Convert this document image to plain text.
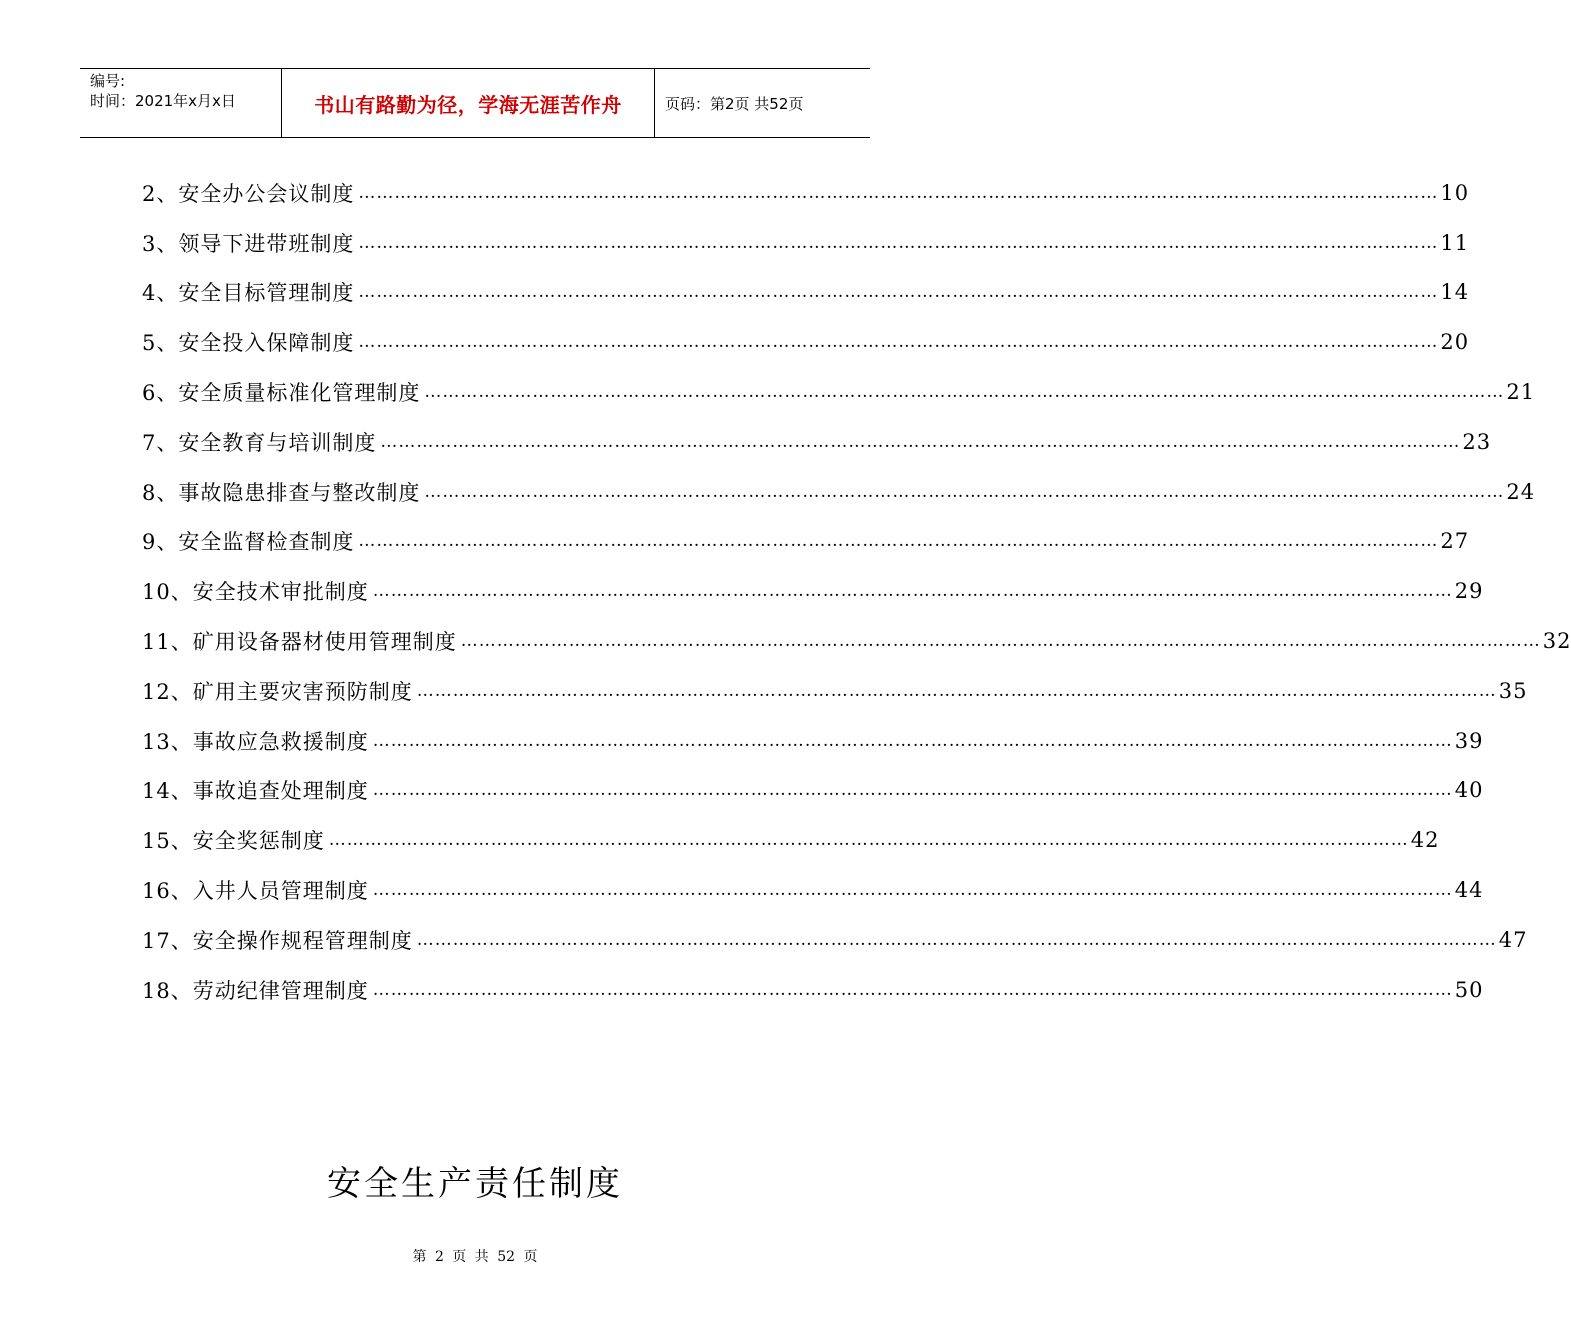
编号:
时间：2021年x月x日	书山有路勤为径，学海无涯苦作舟	页码：第2页 共52页
2、 安全办公会议制度 ……………………………………………………………………………………………………………………………………………………………… 10
3、 领导下进带班制度 ……………………………………………………………………………………………………………………………………………………………… 11
4、 安全目标管理制度 ……………………………………………………………………………………………………………………………………………………………… 14
5、 安全投入保障制度 ……………………………………………………………………………………………………………………………………………………………… 20
6、 安全质量标准化管理制度 ……………………………………………………………………………………………………………………………………………………………… 21
7、 安全教育与培训制度 ……………………………………………………………………………………………………………………………………………………………… 23
8、 事故隐患排查与整改制度 ……………………………………………………………………………………………………………………………………………………………… 24
9、 安全监督检查制度 ……………………………………………………………………………………………………………………………………………………………… 27
10、 安全技术审批制度 ……………………………………………………………………………………………………………………………………………………………… 29
11、 矿用设备器材使用管理制度 ……………………………………………………………………………………………………………………………………………………………… 32
12、 矿用主要灾害预防制度 ……………………………………………………………………………………………………………………………………………………………… 35
13、 事故应急救援制度 ……………………………………………………………………………………………………………………………………………………………… 39
14、 事故追查处理制度 ……………………………………………………………………………………………………………………………………………………………… 40
15、 安全奖惩制度 ……………………………………………………………………………………………………………………………………………………………… 42
16、 入井人员管理制度 ……………………………………………………………………………………………………………………………………………………………… 44
17、 安全操作规程管理制度 ……………………………………………………………………………………………………………………………………………………………… 47
18、 劳动纪律管理制度 ……………………………………………………………………………………………………………………………………………………………… 50
安全生产责任制度
第 2 页 共 52 页
